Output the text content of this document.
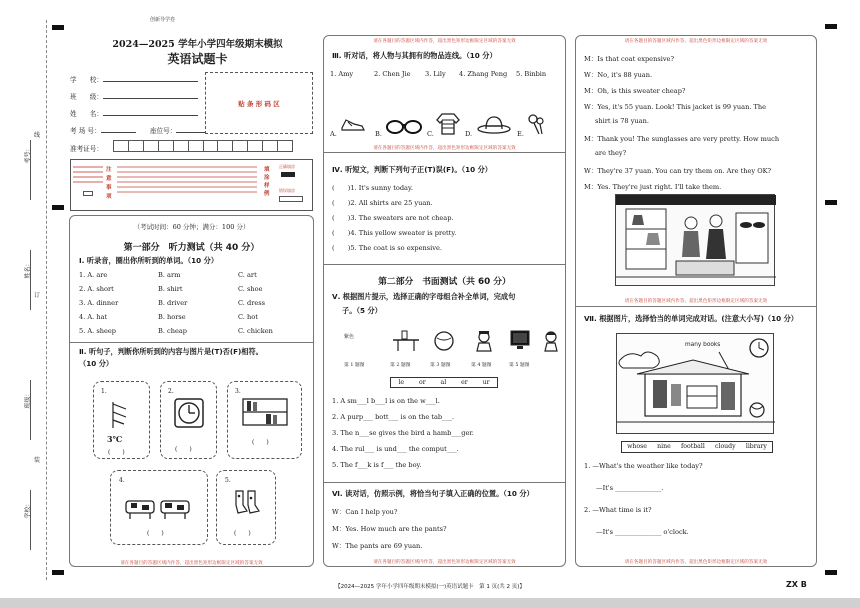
考号：
姓名：
班级：
学校：
线
订
装
创新导学卷
2024—2025 学年小学四年级期末模拟
英语试题卡
学　　校：
班　　级：
姓　　名：
考 场 号：	座位号：
准考证号：
贴 条 形 码 区
注意事项
填涂样例
正确填涂
错误填涂
（考试时间：60 分钟；满分：100 分）
第一部分　听力测试（共 40 分）
Ⅰ. 听录音，圈出你所听到的单词。（10 分）
1. A. are	B. arm	C. art
2. A. short	B. shirt	C. shoe
3. A. dinner	B. driver	C. dress
4. A. hat	B. horse	C. hot
5. A. sheep	B. cheap	C. chicken
Ⅱ. 听句子，判断你所听到的内容与图片是(T)否(F)相符。
（10 分）
1.
3℃
(　　)
2.
(　　)
3.
(　　)
4.
(　　)
5.
(　　)
请在各题目的答题区域内作答，超出黑色矩形边框限定区域的答案无效
请在各题目的答题区域内作答，超出黑色矩形边框限定区域的答案无效
Ⅲ. 听对话，将人物与其拥有的物品连线。（10 分）
1. Amy	2. Chen Jie 3. Lily 4. Zhang Peng 5. Binbin
A.	B.	C.	D.	E.
请在各题目的答题区域内作答，超出黑色矩形边框限定区域的答案无效
Ⅳ. 听短文，判断下列句子正(T)误(F)。（10 分）
(　　)1. It's sunny today.
(　　)2. All shirts are 25 yuan.
(　　)3. The sweaters are not cheap.
(　　)4. This yellow sweater is pretty.
(　　)5. The coat is so expensive.
第二部分　书面测试（共 60 分）
Ⅴ. 根据图片提示，选择正确的字母组合补全单词，完成句
子。（5 分）
紫色
第 1 题图	第 2 题图	第 3 题图	第 4 题图	第 5 题图
le or al er ur
1. A sm___l b___l is on the w___l.
2. A purp___ bott___ is on the tab___.
3. The n___se gives the bird a hamb___ger.
4. The rul___ is und___ the comput___.
5. The f___k is f___ the boy.
Ⅵ. 读对话，仿照示例，将恰当句子填入正确的位置。（10 分）
W：Can I help you?
M：Yes. How much are the pants?
W：The pants are 69 yuan.
请在各题目的答题区域内作答，超出黑色矩形边框限定区域的答案无效
请在各题目的答题区域内作答，超出黑色矩形边框限定区域的答案无效
M：Is that coat expensive?
W：No, it's 88 yuan.
M：Oh, is this sweater cheap?
W：Yes, it's 55 yuan. Look! This jacket is 99 yuan. The
shirt is 78 yuan.
M：Thank you! The sunglasses are very pretty. How much
are they?
W：They're 37 yuan. You can try them on. Are they OK?
M：Yes. They're just right. I'll take them.
请在各题目的答题区域内作答，超出黑色矩形边框限定区域的答案无效
Ⅶ. 根据图片，选择恰当的单词完成对话。(注意大小写)（10 分）
many books
whose nine football cloudy library
1. —What's the weather like today?
—It's ______________.
2. —What time is it?
—It's ______________ o'clock.
请在各题目的答题区域内作答，超出黑色矩形边框限定区域的答案无效
【2024—2025 学年小学四年级期末模拟(一)英语试题卡　第 1 页(共 2 页)】	ZX B
